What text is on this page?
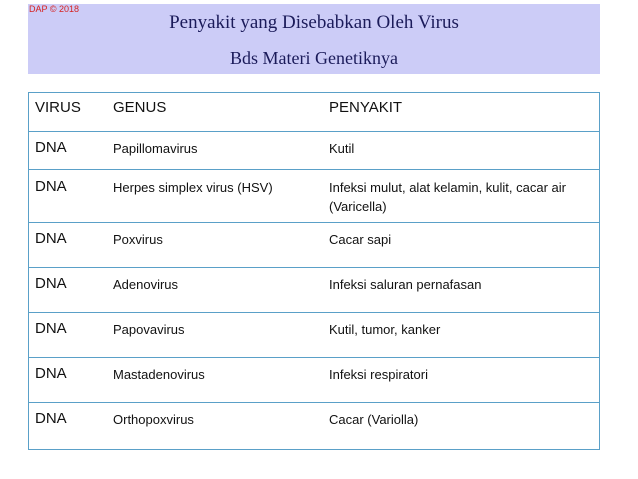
DAP © 2018
Penyakit yang Disebabkan Oleh Virus
Bds Materi Genetiknya
VIRUS	GENUS	PENYAKIT
DNA	Papillomavirus	Kutil
DNA	Herpes simplex virus (HSV)	Infeksi mulut, alat kelamin, kulit, cacar air (Varicella)
DNA	Poxvirus	Cacar sapi
DNA	Adenovirus	Infeksi saluran pernafasan
DNA	Papovavirus	Kutil, tumor, kanker
DNA	Mastadenovirus	Infeksi respiratori
DNA	Orthopoxvirus	Cacar (Variolla)
